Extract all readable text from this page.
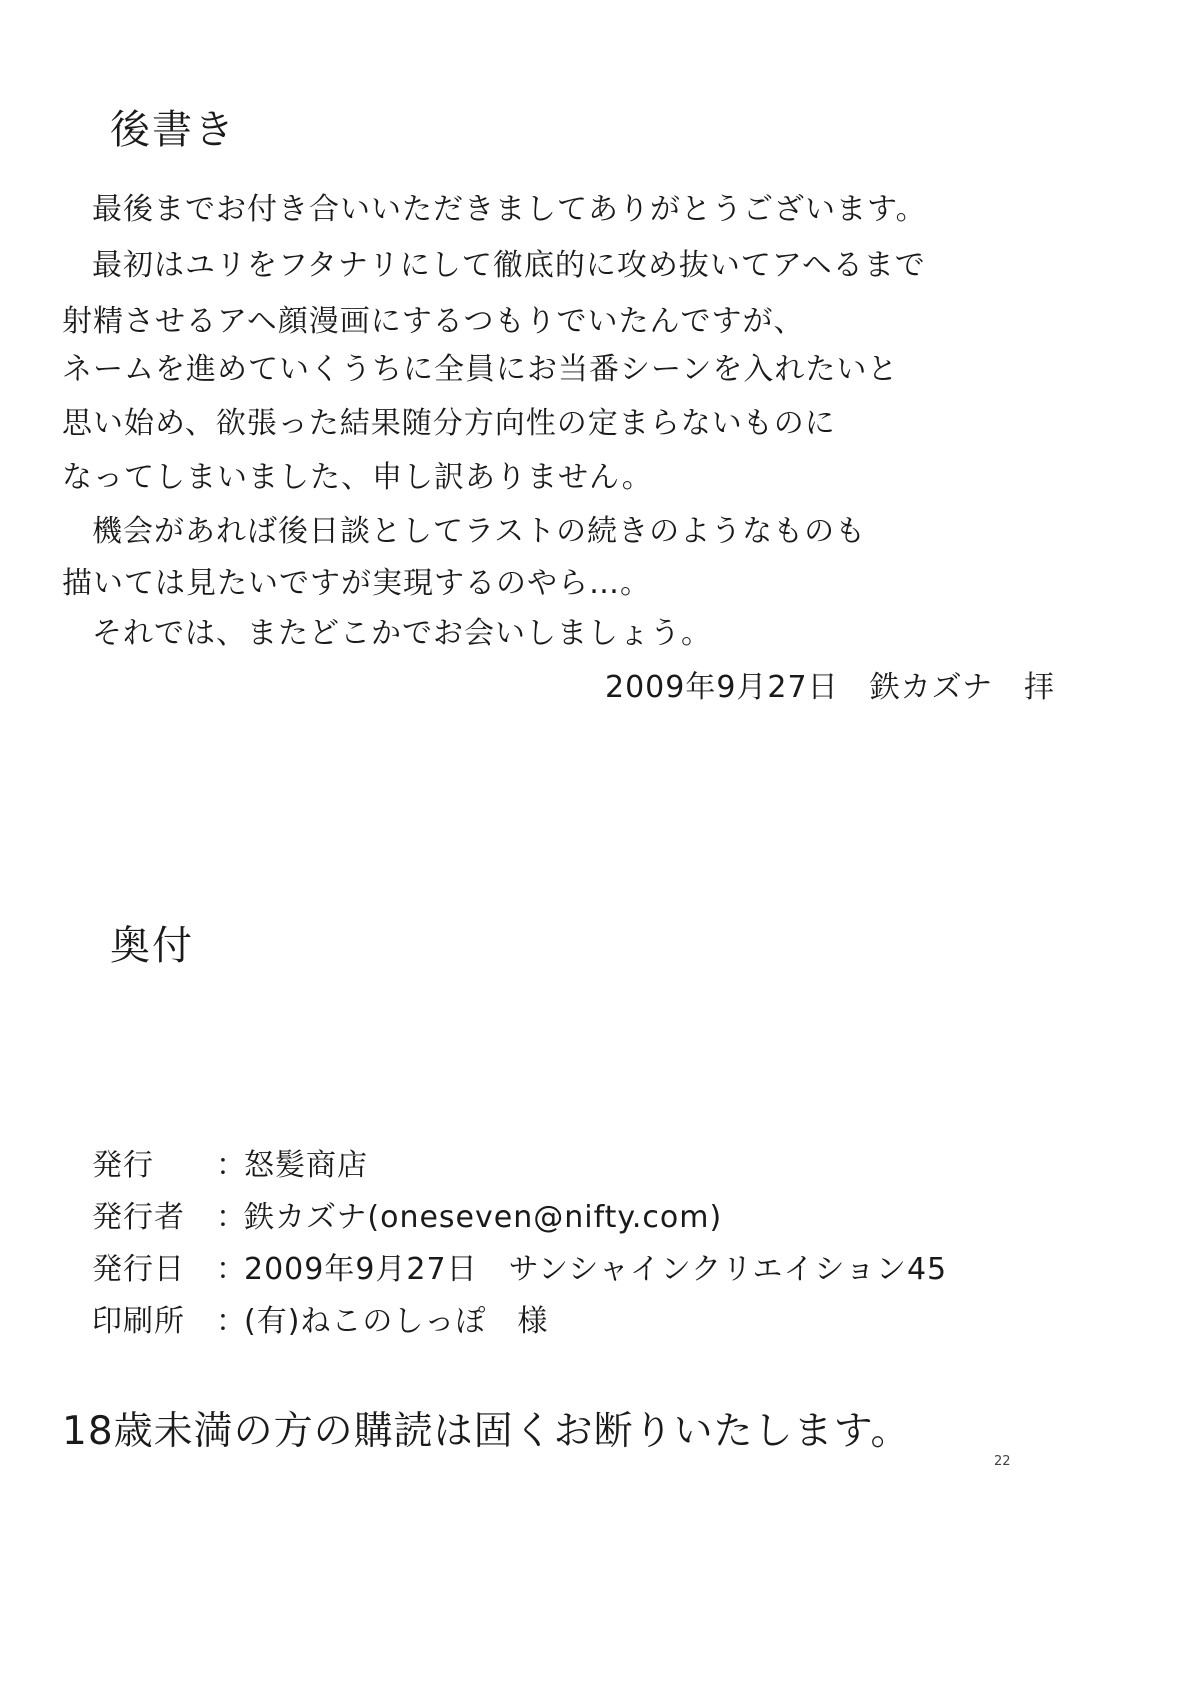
後書き
最後までお付き合いいただきましてありがとうございます。
最初はユリをフタナリにして徹底的に攻め抜いてアヘるまで
射精させるアヘ顔漫画にするつもりでいたんですが、
ネームを進めていくうちに全員にお当番シーンを入れたいと
思い始め、欲張った結果随分方向性の定まらないものに
なってしまいました、申し訳ありません。
機会があれば後日談としてラストの続きのようなものも
描いては見たいですが実現するのやら…。
それでは、またどこかでお会いしましょう。
2009年9月27日　鉄カズナ　拝
奥付
発行 ：怒髪商店
発行者 ：鉄カズナ(oneseven@nifty.com)
発行日 ：2009年9月27日　サンシャインクリエイション45
印刷所 ：(有)ねこのしっぽ　様
18歳未満の方の購読は固くお断りいたします。
22
